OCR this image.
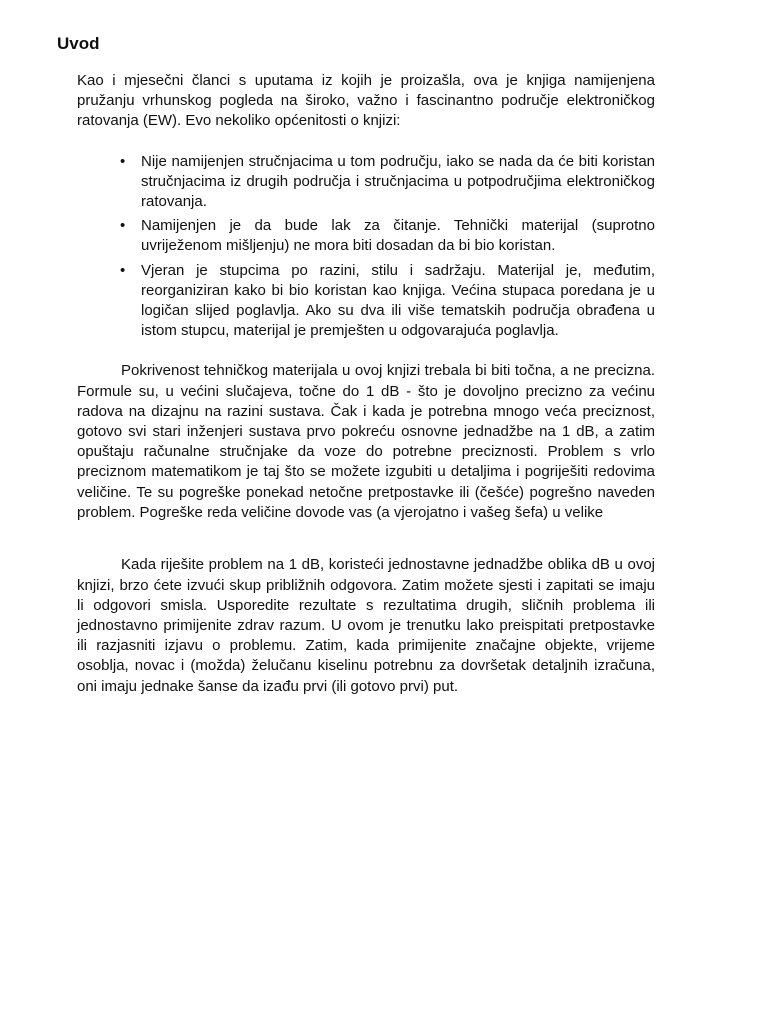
Uvod

Kao i mjesečni članci s uputama iz kojih je proizašla, ova je knjiga namijenjena pružanju vrhunskog pogleda na široko, važno i fascinantno područje elektroničkog ratovanja (EW). Evo nekoliko općenitosti o knjizi:

• Nije namijenjen stručnjacima u tom području, iako se nada da će biti koristan stručnjacima iz drugih područja i stručnjacima u potpodručjima elektroničkog ratovanja.
• Namijenjen je da bude lak za čitanje. Tehnički materijal (suprotno uvriježenom mišljenju) ne mora biti dosadan da bi bio koristan.
• Vjeran je stupcima po razini, stilu i sadržaju. Materijal je, međutim, reorganiziran kako bi bio koristan kao knjiga. Većina stupaca poredana je u logičan slijed poglavlja. Ako su dva ili više tematskih područja obrađena u istom stupcu, materijal je premješten u odgovarajuća poglavlja.

Pokrivenost tehničkog materijala u ovoj knjizi trebala bi biti točna, a ne precizna. Formule su, u većini slučajeva, točne do 1 dB - što je dovoljno precizno za većinu radova na dizajnu na razini sustava. Čak i kada je potrebna mnogo veća preciznost, gotovo svi stari inženjeri sustava prvo pokreću osnovne jednadžbe na 1 dB, a zatim opuštaju računalne stručnjake da voze do potrebne preciznosti. Problem s vrlo preciznom matematikom je taj što se možete izgubiti u detaljima i pogriješiti redovima veličine. Te su pogreške ponekad netočne pretpostavke ili (češće) pogrešno naveden problem. Pogreške reda veličine dovode vas (a vjerojatno i vašeg šefa) u velike

Kada riješite problem na 1 dB, koristeći jednostavne jednadžbe oblika dB u ovoj knjizi, brzo ćete izvući skup približnih odgovora. Zatim možete sjesti i zapitati se imaju li odgovori smisla. Usporedite rezultate s rezultatima drugih, sličnih problema ili jednostavno primijenite zdrav razum. U ovom je trenutku lako preispitati pretpostavke ili razjasniti izjavu o problemu. Zatim, kada primijenite značajne objekte, vrijeme osoblja, novac i (možda) želučanu kiselinu potrebnu za dovršetak detaljnih izračuna, oni imaju jednake šanse da izađu prvi (ili gotovo prvi) put.
